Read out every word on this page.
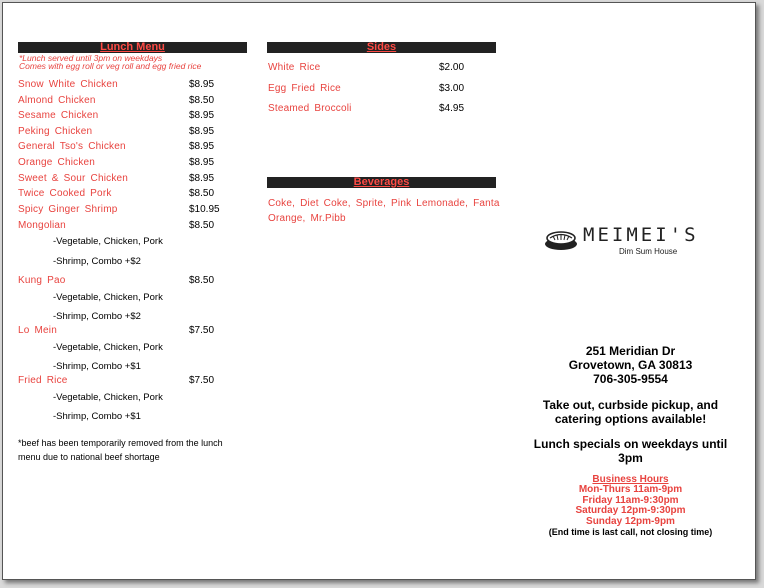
Lunch Menu
*Lunch served until 3pm on weekdays
Comes with egg roll or veg roll and egg fried rice
Snow White Chicken	$8.95
Almond Chicken	$8.50
Sesame Chicken	$8.95
Peking Chicken	$8.95
General Tso's Chicken	$8.95
Orange Chicken	$8.95
Sweet & Sour Chicken	$8.95
Twice Cooked Pork	$8.50
Spicy Ginger Shrimp	$10.95
Mongolian	$8.50
-Vegetable, Chicken, Pork
-Shrimp, Combo +$2
Kung Pao	$8.50
-Vegetable, Chicken, Pork
-Shrimp, Combo +$2
Lo Mein	$7.50
-Vegetable, Chicken, Pork
-Shrimp, Combo +$1
Fried Rice	$7.50
-Vegetable, Chicken, Pork
-Shrimp, Combo +$1
*beef has been temporarily removed from the lunch
menu due to national beef shortage
Sides
White Rice	$2.00
Egg Fried Rice	$3.00
Steamed Broccoli	$4.95
Beverages
Coke, Diet Coke, Sprite, Pink Lemonade, Fanta
Orange, Mr.Pibb
MEIMEI'S
Dim Sum House
251 Meridian Dr
Grovetown, GA 30813
706-305-9554
Take out, curbside pickup, and
catering options available!
Lunch specials on weekdays until
3pm
Business Hours
Mon-Thurs 11am-9pm
Friday 11am-9:30pm
Saturday 12pm-9:30pm
Sunday 12pm-9pm
(End time is last call, not closing time)
